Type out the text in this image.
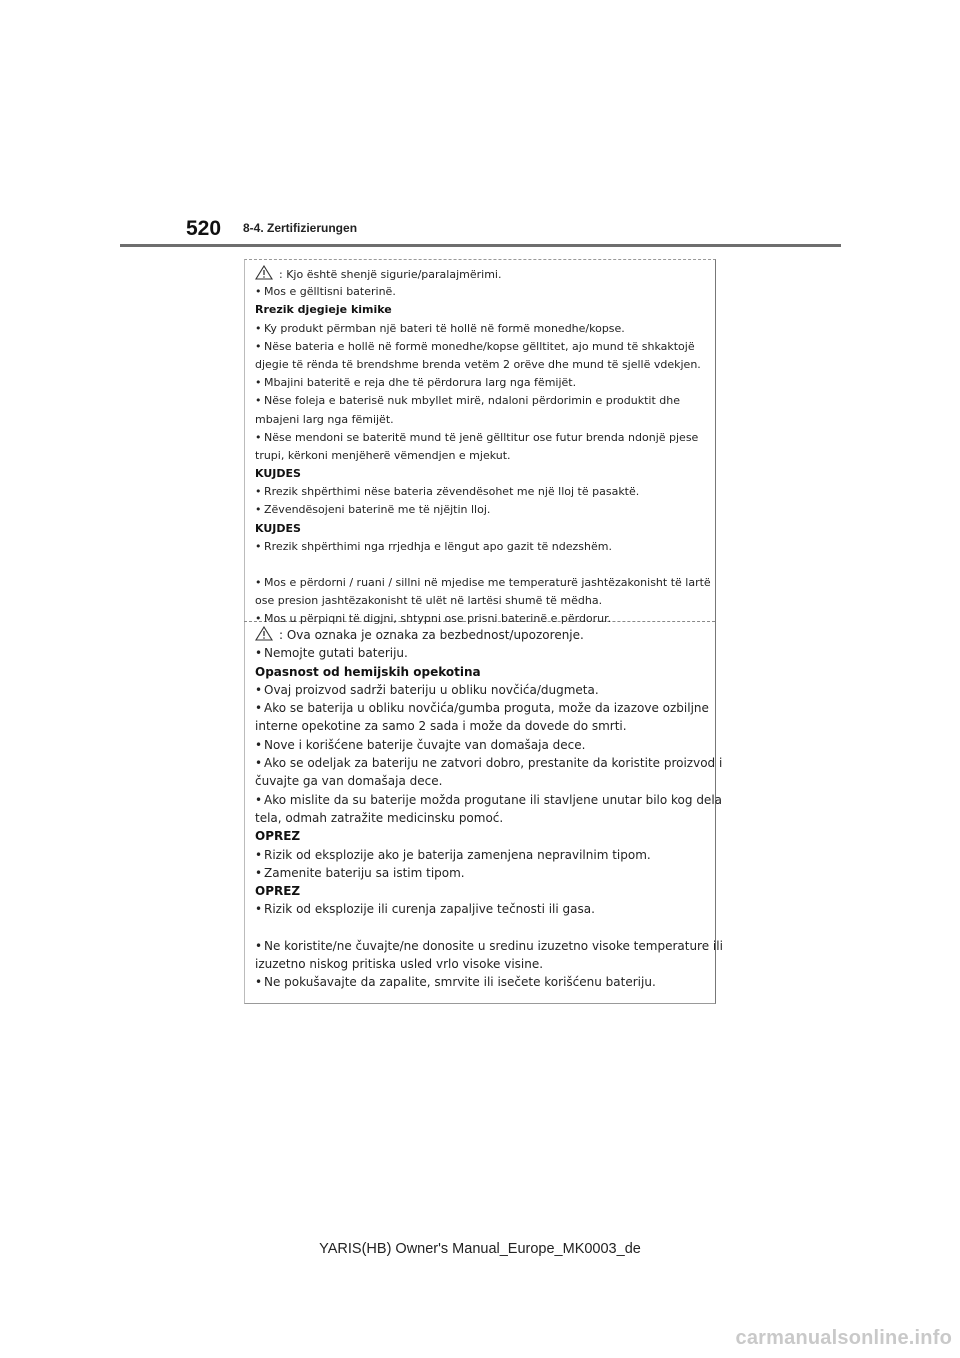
520 8-4. Zertifizierungen
: Kjo është shenjë sigurie/paralajmërimi.
• Mos e gëlltisni baterinë.
Rrezik djegieje kimike
• Ky produkt përmban një bateri të hollë në formë monedhe/kopse.
• Nëse bateria e hollë në formë monedhe/kopse gëlltitet, ajo mund të shkaktojë
djegie të rënda të brendshme brenda vetëm 2 orëve dhe mund të sjellë vdekjen.
• Mbajini bateritë e reja dhe të përdorura larg nga fëmijët.
• Nëse foleja e baterisë nuk mbyllet mirë, ndaloni përdorimin e produktit dhe
mbajeni larg nga fëmijët.
• Nëse mendoni se bateritë mund të jenë gëlltitur ose futur brenda ndonjë pjese
trupi, kërkoni menjëherë vëmendjen e mjekut.
KUJDES
• Rrezik shpërthimi nëse bateria zëvendësohet me një lloj të pasaktë.
• Zëvendësojeni baterinë me të njëjtin lloj.
KUJDES
• Rrezik shpërthimi nga rrjedhja e lëngut apo gazit të ndezshëm.
• Mos e përdorni / ruani / sillni në mjedise me temperaturë jashtëzakonisht të lartë
ose presion jashtëzakonisht të ulët në lartësi shumë të mëdha.
• Mos u përpiqni të digjni, shtypni ose prisni baterinë e përdorur.
: Ova oznaka je oznaka za bezbednost/upozorenje.
• Nemojte gutati bateriju.
Opasnost od hemijskih opekotina
• Ovaj proizvod sadrži bateriju u obliku novčića/dugmeta.
• Ako se baterija u obliku novčića/gumba proguta, može da izazove ozbiljne
interne opekotine za samo 2 sada i može da dovede do smrti.
• Nove i korišćene baterije čuvajte van domašaja dece.
• Ako se odeljak za bateriju ne zatvori dobro, prestanite da koristite proizvod i
čuvajte ga van domašaja dece.
• Ako mislite da su baterije možda progutane ili stavljene unutar bilo kog dela
tela, odmah zatražite medicinsku pomoć.
OPREZ
• Rizik od eksplozije ako je baterija zamenjena nepravilnim tipom.
• Zamenite bateriju sa istim tipom.
OPREZ
• Rizik od eksplozije ili curenja zapaljive tečnosti ili gasa.
• Ne koristite/ne čuvajte/ne donosite u sredinu izuzetno visoke temperature ili
izuzetno niskog pritiska usled vrlo visoke visine.
• Ne pokušavajte da zapalite, smrvite ili isečete korišćenu bateriju.
YARIS(HB) Owner's Manual_Europe_MK0003_de
carmanualsonline.info
